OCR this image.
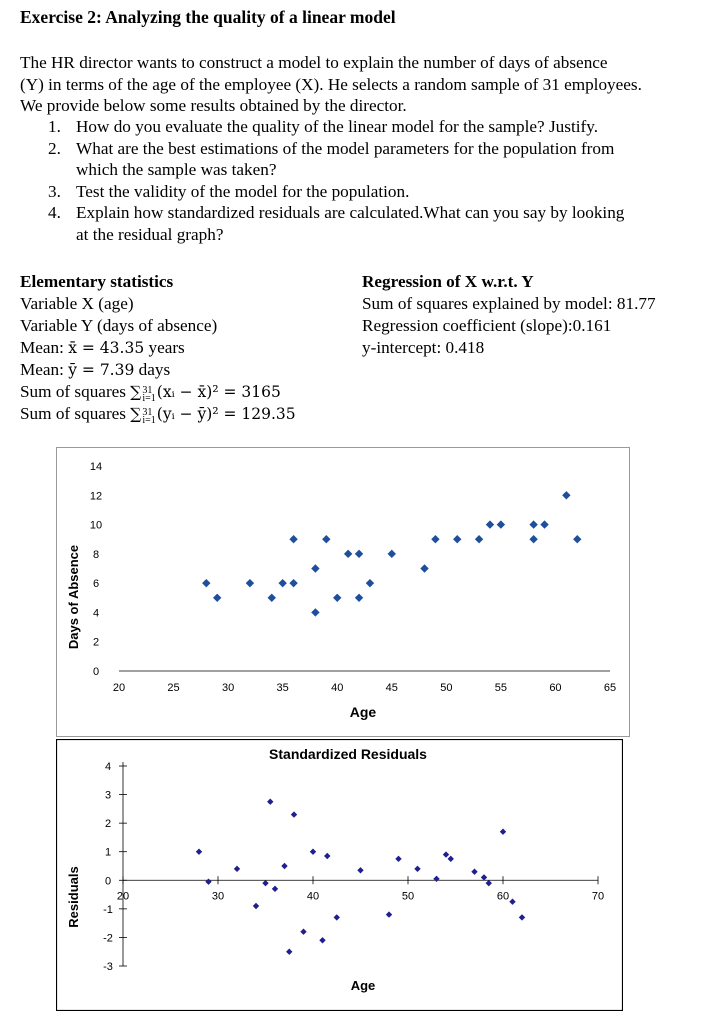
Exercise 2: Analyzing the quality of a linear model
The HR director wants to construct a model to explain the number of days of absence
(Y) in terms of the age of the employee (X). He selects a random sample of 31 employees.
We provide below some results obtained by the director.
1. How do you evaluate the quality of the linear model for the sample? Justify.
2. What are the best estimations of the model parameters for the population from
which the sample was taken?
3. Test the validity of the model for the population.
4. Explain how standardized residuals are calculated.What can you say by looking
at the residual graph?
Elementary statistics
Variable X (age)
Variable Y (days of absence)
Mean: x̄ = 43.35 years
Mean: ȳ = 7.39 days
Sum of squares ∑ 31
i=1 (xᵢ − x̄)² = 3165
Sum of squares ∑ 31
i=1 (yᵢ − ȳ)² = 129.35
Regression of X w.r.t. Y
Sum of squares explained by model: 81.77
Regression coefficient (slope):0.161
y-intercept: 0.418
Age
Days of Absence
20	25	30	35	40	45	50	55	60	65
0
2
4
6
8
10
12
14
Standardized Residuals
Age
Residuals	20	30	40	50	60	70
4
3
2
1
0
-1
-2
-3
